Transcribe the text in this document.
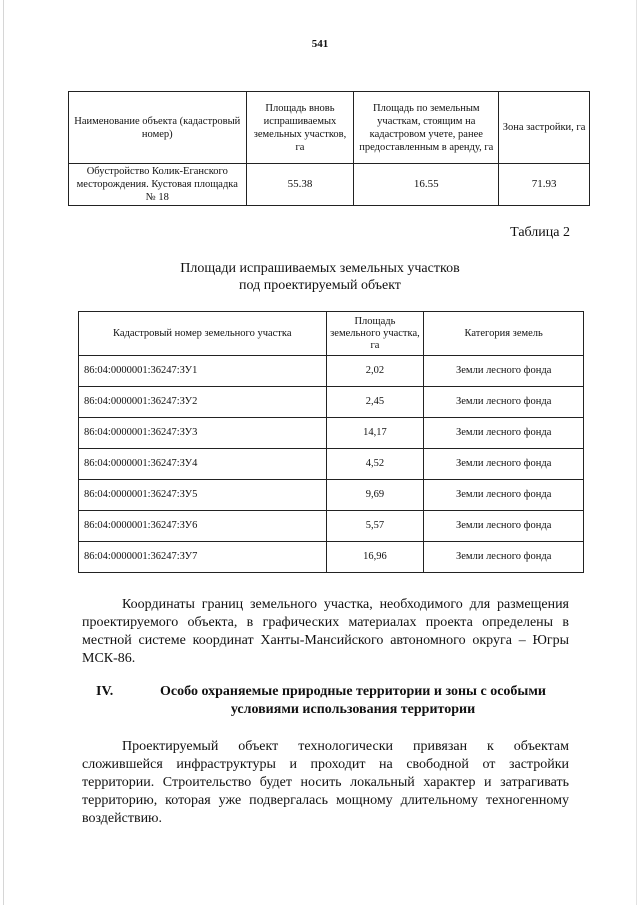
541
Наименование объекта (кадастровый номер)	Площадь вновь испрашиваемых земельных участков, га	Площадь по земельным участкам, стоящим на кадастровом учете, ранее предоставленным в аренду, га	Зона застройки, га
Обустройство Колик-Еганского месторождения. Кустовая площадка № 18	55.38	16.55	71.93
Таблица 2
Площади испрашиваемых земельных участков
под проектируемый объект
Кадастровый номер земельного участка	Площадь земельного участка, га	Категория земель
86:04:0000001:36247:ЗУ1	2,02	Земли лесного фонда
86:04:0000001:36247:ЗУ2	2,45	Земли лесного фонда
86:04:0000001:36247:ЗУ3	14,17	Земли лесного фонда
86:04:0000001:36247:ЗУ4	4,52	Земли лесного фонда
86:04:0000001:36247:ЗУ5	9,69	Земли лесного фонда
86:04:0000001:36247:ЗУ6	5,57	Земли лесного фонда
86:04:0000001:36247:ЗУ7	16,96	Земли лесного фонда
Координаты границ земельного участка, необходимого для размещения проектируемого объекта, в графических материалах проекта определены в местной системе координат Ханты-Мансийского автономного округа – Югры МСК-86.
IV.	Особо охраняемые природные территории и зоны с особыми условиями использования территории
Проектируемый объект технологически привязан к объектам сложившейся инфраструктуры и проходит на свободной от застройки территории. Строительство будет носить локальный характер и затрагивать территорию, которая уже подвергалась мощному длительному техногенному воздействию.
